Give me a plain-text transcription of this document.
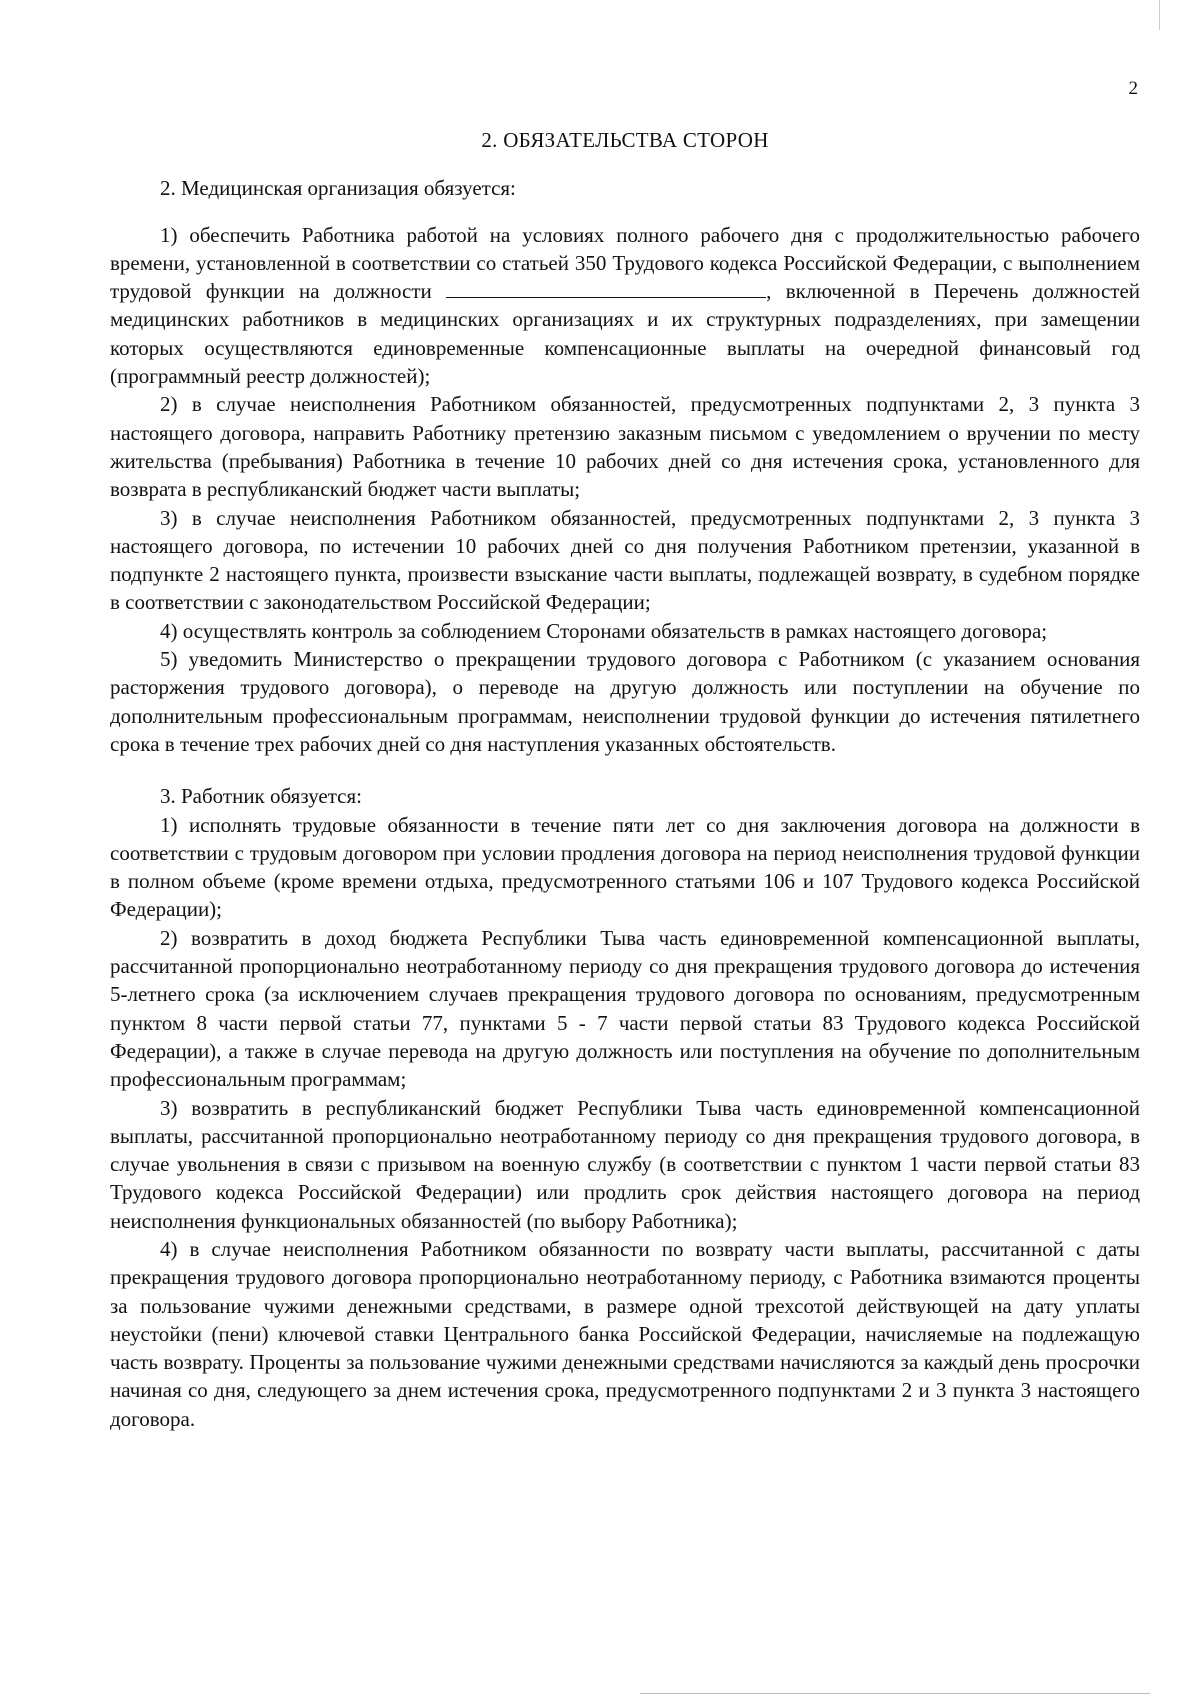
2
2. ОБЯЗАТЕЛЬСТВА СТОРОН

2. Медицинская организация обязуется:

1) обеспечить Работника работой на условиях полного рабочего дня с продолжительностью рабочего времени, установленной в соответствии со статьей 350 Трудового кодекса Российской Федерации, с выполнением трудовой функции на должности	, включенной в Перечень должностей медицинских работников в медицинских организациях и их структурных подразделениях, при замещении которых осуществляются единовременные компенсационные выплаты на очередной финансовый год (программный реестр должностей);

2) в случае неисполнения Работником обязанностей, предусмотренных подпунктами 2, 3 пункта 3 настоящего договора, направить Работнику претензию заказным письмом с уведомлением о вручении по месту жительства (пребывания) Работника в течение 10 рабочих дней со дня истечения срока, установленного для возврата в республиканский бюджет части выплаты;

3) в случае неисполнения Работником обязанностей, предусмотренных подпунктами 2, 3 пункта 3 настоящего договора, по истечении 10 рабочих дней со дня получения Работником претензии, указанной в подпункте 2 настоящего пункта, произвести взыскание части выплаты, подлежащей возврату, в судебном порядке в соответствии с законодательством Российской Федерации;

4) осуществлять контроль за соблюдением Сторонами обязательств в рамках настоящего договора;

5) уведомить Министерство о прекращении трудового договора с Работником (с указанием основания расторжения трудового договора), о переводе на другую должность или поступлении на обучение по дополнительным профессиональным программам, неисполнении трудовой функции до истечения пятилетнего срока в течение трех рабочих дней со дня наступления указанных обстоятельств.

3. Работник обязуется:

1) исполнять трудовые обязанности в течение пяти лет со дня заключения договора на должности в соответствии с трудовым договором при условии продления договора на период неисполнения трудовой функции в полном объеме (кроме времени отдыха, предусмотренного статьями 106 и 107 Трудового кодекса Российской Федерации);

2) возвратить в доход бюджета Республики Тыва часть единовременной компенсационной выплаты, рассчитанной пропорционально неотработанному периоду со дня прекращения трудового договора до истечения 5-летнего срока (за исключением случаев прекращения трудового договора по основаниям, предусмотренным пунктом 8 части первой статьи 77, пунктами 5 - 7 части первой статьи 83 Трудового кодекса Российской Федерации), а также в случае перевода на другую должность или поступления на обучение по дополнительным профессиональным программам;

3) возвратить в республиканский бюджет Республики Тыва часть единовременной компенсационной выплаты, рассчитанной пропорционально неотработанному периоду со дня прекращения трудового договора, в случае увольнения в связи с призывом на военную службу (в соответствии с пунктом 1 части первой статьи 83 Трудового кодекса Российской Федерации) или продлить срок действия настоящего договора на период неисполнения функциональных обязанностей (по выбору Работника);

4) в случае неисполнения Работником обязанности по возврату части выплаты, рассчитанной с даты прекращения трудового договора пропорционально неотработанному периоду, с Работника взимаются проценты за пользование чужими денежными средствами, в размере одной трехсотой действующей на дату уплаты неустойки (пени) ключевой ставки Центрального банка Российской Федерации, начисляемые на подлежащую часть возврату. Проценты за пользование чужими денежными средствами начисляются за каждый день просрочки начиная со дня, следующего за днем истечения срока, предусмотренного подпунктами 2 и 3 пункта 3 настоящего договора.
